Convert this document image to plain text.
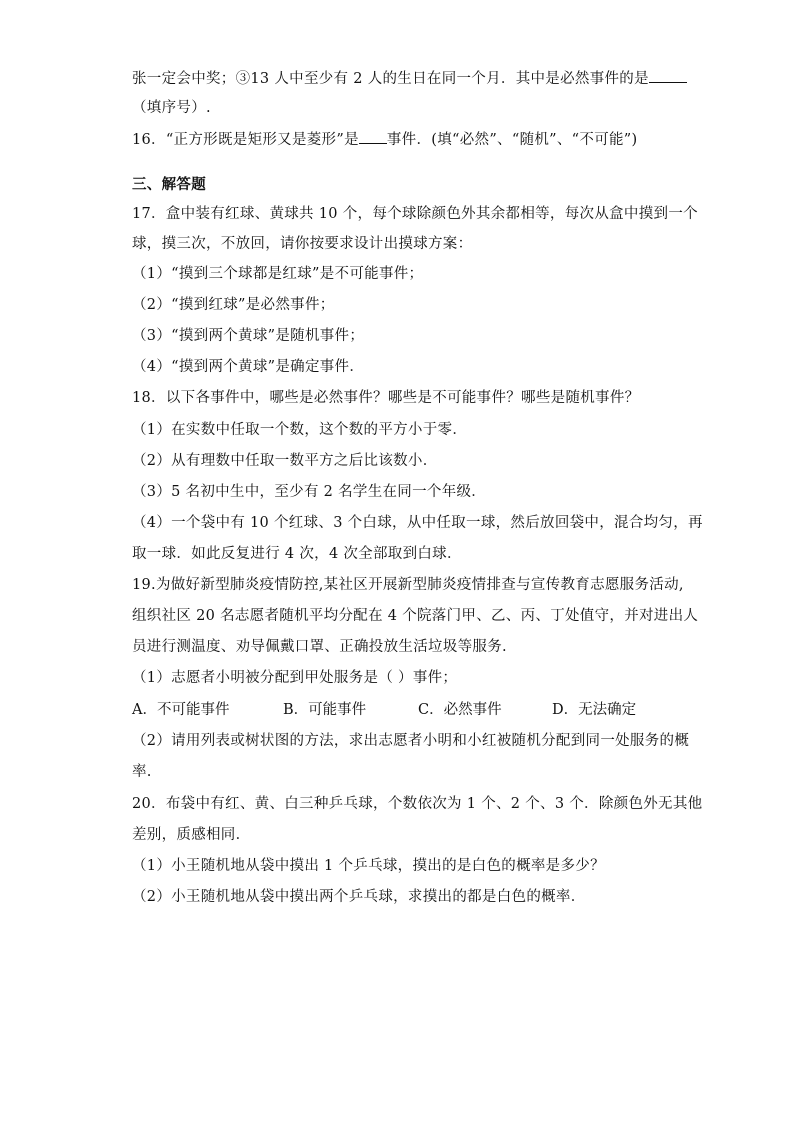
张一定会中奖；③13 人中至少有 2 人的生日在同一个月．其中是必然事件的是
（填序号）.
16．“正方形既是矩形又是菱形”是 事件．(填“必然”、“随机”、“不可能”)
三、解答题
17．盒中装有红球、黄球共 10 个，每个球除颜色外其余都相等，每次从盒中摸到一个
球，摸三次，不放回，请你按要求设计出摸球方案：
（1）“摸到三个球都是红球”是不可能事件；
（2）“摸到红球”是必然事件；
（3）“摸到两个黄球”是随机事件；
（4）“摸到两个黄球”是确定事件．
18．以下各事件中，哪些是必然事件？哪些是不可能事件？哪些是随机事件？
（1）在实数中任取一个数，这个数的平方小于零．
（2）从有理数中任取一数平方之后比该数小．
（3）5 名初中生中，至少有 2 名学生在同一个年级．
（4）一个袋中有 10 个红球、3 个白球，从中任取一球，然后放回袋中，混合均匀，再
取一球．如此反复进行 4 次，4 次全部取到白球．
19.为做好新型肺炎疫情防控,某社区开展新型肺炎疫情排查与宣传教育志愿服务活动,
组织社区 20 名志愿者随机平均分配在 4 个院落门甲、乙、丙、丁处值守，并对进出人
员进行测温度、劝导佩戴口罩、正确投放生活垃圾等服务.
（1）志愿者小明被分配到甲处服务是（ ）事件；
A．不可能事件	B．可能事件	C．必然事件	D．无法确定
（2）请用列表或树状图的方法，求出志愿者小明和小红被随机分配到同一处服务的概
率.
20．布袋中有红、黄、白三种乒乓球，个数依次为 1 个、2 个、3 个．除颜色外无其他
差别，质感相同．
（1）小王随机地从袋中摸出 1 个乒乓球，摸出的是白色的概率是多少？
（2）小王随机地从袋中摸出两个乒乓球，求摸出的都是白色的概率．
